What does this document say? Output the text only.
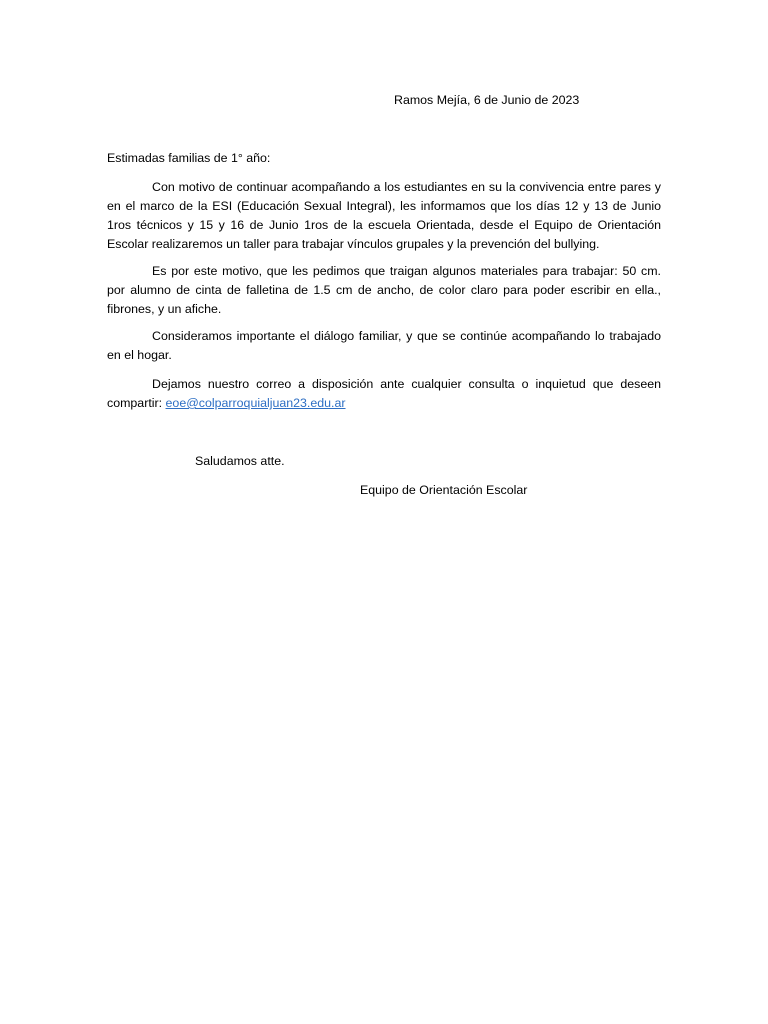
Ramos Mejía, 6 de Junio de 2023
Estimadas familias de 1° año:

Con motivo de continuar acompañando a los estudiantes en su la convivencia entre pares y en el marco de la ESI (Educación Sexual Integral), les informamos que los días 12 y 13 de Junio 1ros técnicos y 15 y 16 de Junio 1ros de la escuela Orientada, desde el Equipo de Orientación Escolar realizaremos un taller para trabajar vínculos grupales y la prevención del bullying.

Es por este motivo, que les pedimos que traigan algunos materiales para trabajar: 50 cm. por alumno de cinta de falletina de 1.5 cm de ancho, de color claro para poder escribir en ella., fibrones, y un afiche.

Consideramos importante el diálogo familiar, y que se continúe acompañando lo trabajado en el hogar.

Dejamos nuestro correo a disposición ante cualquier consulta o inquietud que deseen compartir: eoe@colparroquialjuan23.edu.ar

Saludamos atte.
Equipo de Orientación Escolar
